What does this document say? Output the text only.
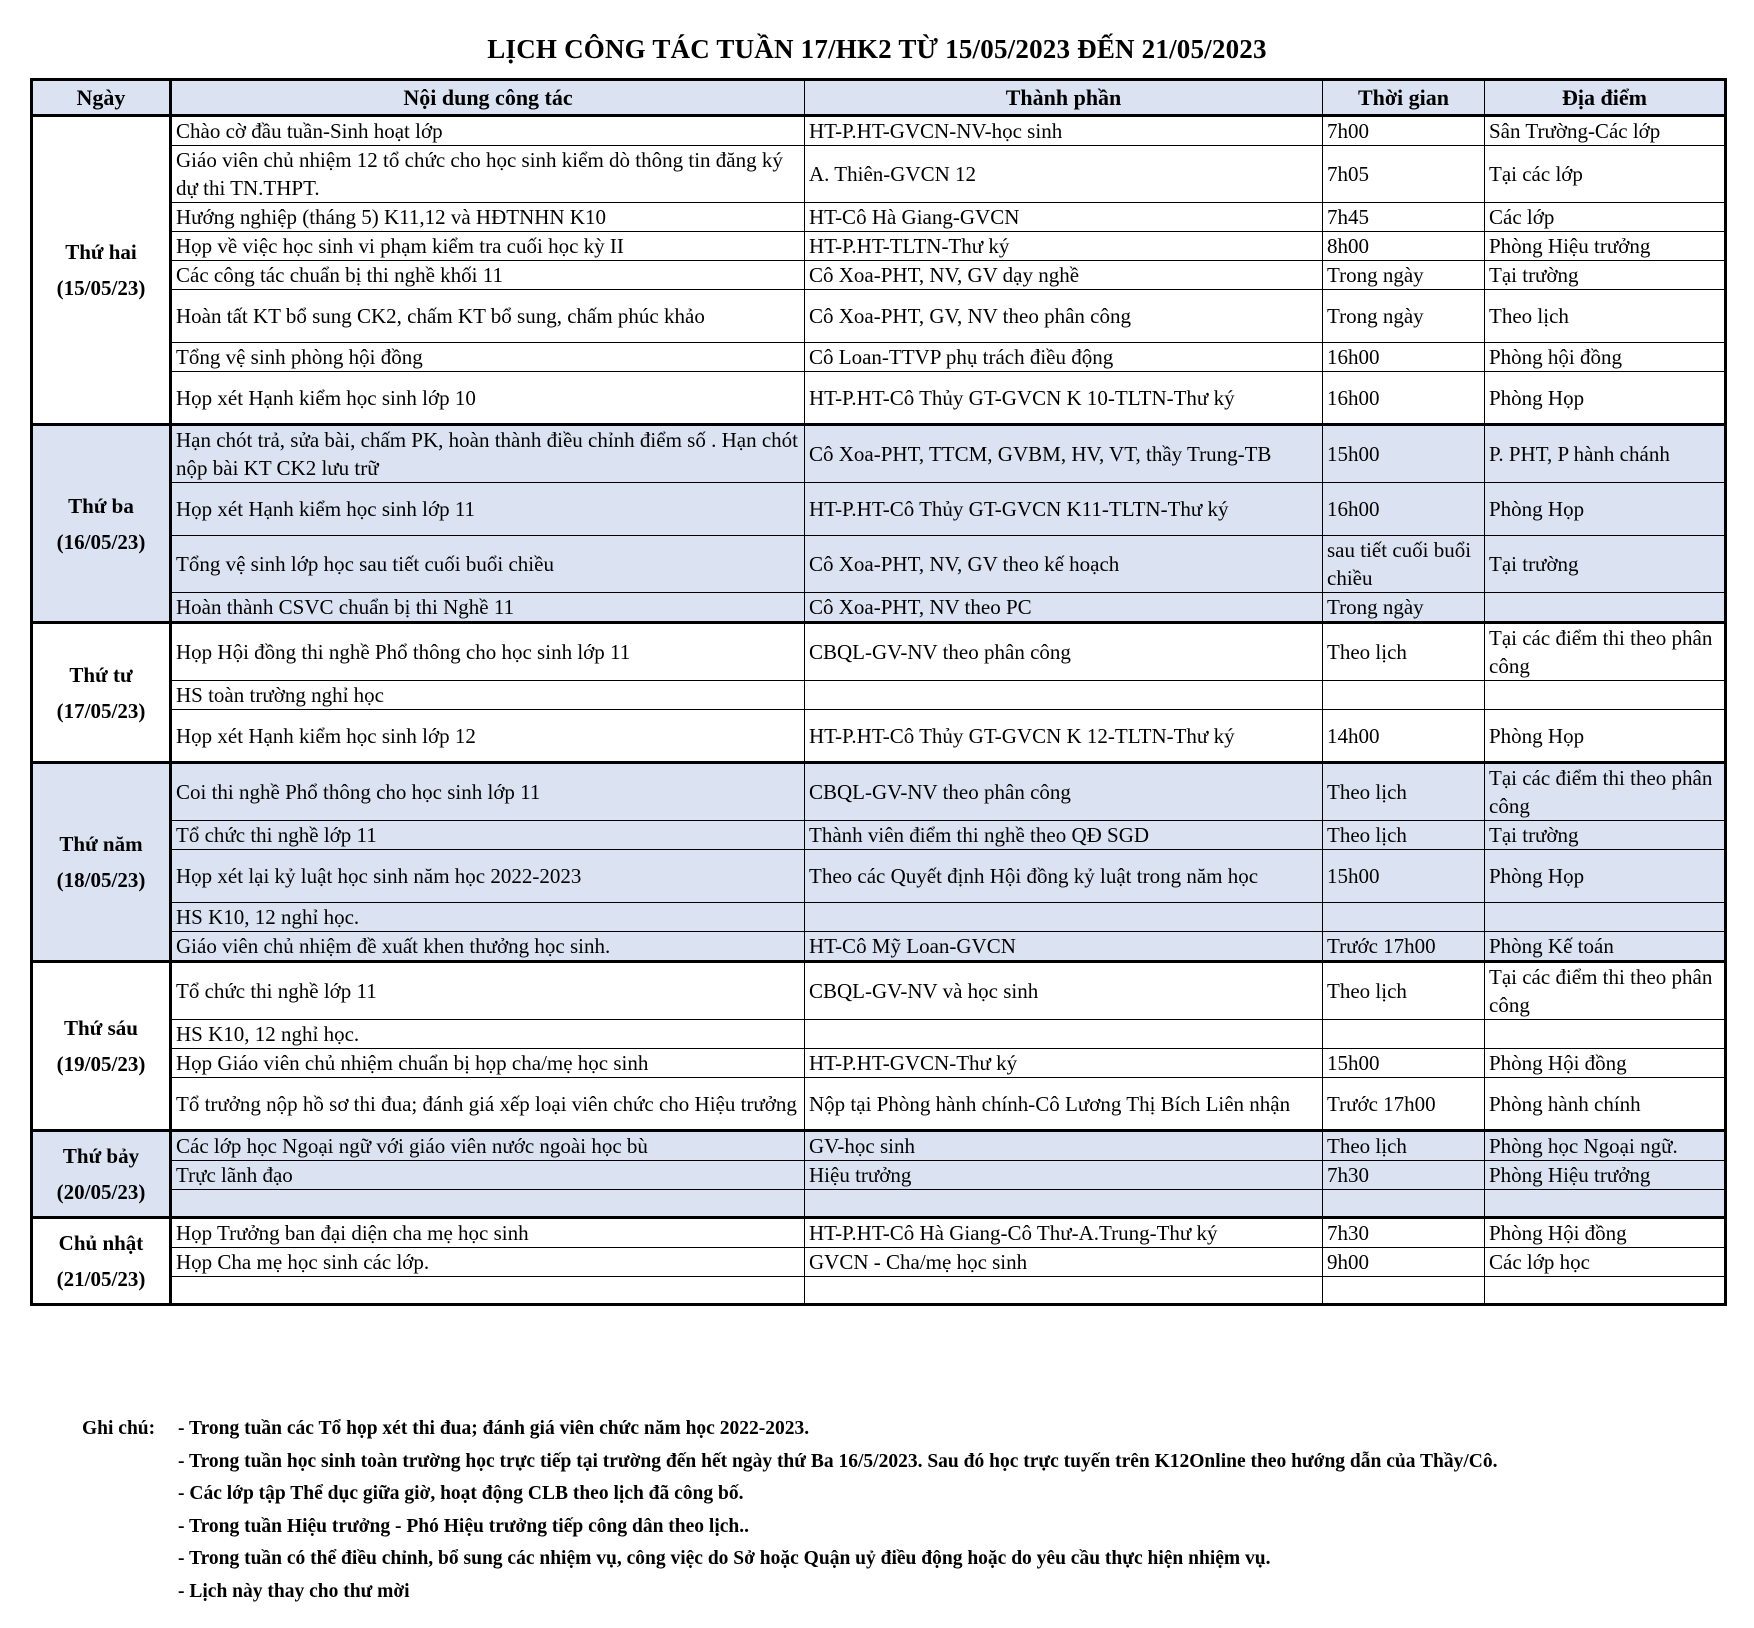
LỊCH CÔNG TÁC TUẦN 17/HK2 TỪ 15/05/2023 ĐẾN 21/05/2023
Ngày	Nội dung công tác	Thành phần	Thời gian	Địa điểm

Thứ hai
(15/05/23)	Chào cờ đầu tuần-Sinh hoạt lớp	HT-P.HT-GVCN-NV-học sinh	7h00	Sân Trường-Các lớp
	Giáo viên chủ nhiệm 12 tổ chức cho học sinh kiểm dò thông tin đăng ký dự thi TN.THPT.	A. Thiên-GVCN 12	7h05	Tại các lớp
	Hướng nghiệp (tháng 5) K11,12 và HĐTNHN K10	HT-Cô Hà Giang-GVCN	7h45	Các lớp
	Họp về việc học sinh vi phạm kiểm tra cuối học kỳ II	HT-P.HT-TLTN-Thư ký	8h00	Phòng Hiệu trưởng
	Các công tác chuẩn bị thi nghề khối 11	Cô Xoa-PHT, NV, GV dạy nghề	Trong ngày	Tại trường
	Hoàn tất KT bổ sung CK2, chấm KT bổ sung, chấm phúc khảo	Cô Xoa-PHT, GV, NV theo phân công	Trong ngày	Theo lịch
	Tổng vệ sinh phòng hội đồng	Cô Loan-TTVP phụ trách điều động	16h00	Phòng hội đồng
	Họp xét Hạnh kiểm học sinh lớp 10	HT-P.HT-Cô Thủy GT-GVCN K 10-TLTN-Thư ký	16h00	Phòng Họp

Thứ ba
(16/05/23)	Hạn chót trả, sửa bài, chấm PK, hoàn thành điều chỉnh điểm số . Hạn chót nộp bài KT CK2 lưu trữ	Cô Xoa-PHT, TTCM, GVBM, HV, VT, thầy Trung-TB	15h00	P. PHT, P hành chánh
	Họp xét Hạnh kiểm học sinh lớp 11	HT-P.HT-Cô Thủy GT-GVCN K11-TLTN-Thư ký	16h00	Phòng Họp
	Tổng vệ sinh lớp học sau tiết cuối buổi chiều	Cô Xoa-PHT, NV, GV theo kế hoạch	sau tiết cuối buổi chiều	Tại trường
	Hoàn thành CSVC chuẩn bị thi Nghề 11	Cô Xoa-PHT, NV theo PC	Trong ngày	

Thứ tư
(17/05/23)	Họp Hội đồng thi nghề Phổ thông cho học sinh lớp 11	CBQL-GV-NV theo phân công	Theo lịch	Tại các điểm thi theo phân công
	HS toàn trường nghỉ học			
	Họp xét Hạnh kiểm học sinh lớp 12	HT-P.HT-Cô Thủy GT-GVCN K 12-TLTN-Thư ký	14h00	Phòng Họp

Thứ năm
(18/05/23)	Coi thi nghề Phổ thông cho học sinh lớp 11	CBQL-GV-NV theo phân công	Theo lịch	Tại các điểm thi theo phân công
	Tổ chức thi nghề lớp 11	Thành viên điểm thi nghề theo QĐ SGD	Theo lịch	Tại trường
	Họp xét lại kỷ luật học sinh năm học 2022-2023	Theo các Quyết định Hội đồng kỷ luật trong năm học	15h00	Phòng Họp
	HS K10, 12 nghỉ học.			
	Giáo viên chủ nhiệm đề xuất khen thưởng học sinh.	HT-Cô Mỹ Loan-GVCN	Trước 17h00	Phòng Kế toán

Thứ sáu
(19/05/23)	Tổ chức thi nghề lớp 11	CBQL-GV-NV và học sinh	Theo lịch	Tại các điểm thi theo phân công
	HS K10, 12 nghỉ học.			
	Họp Giáo viên chủ nhiệm chuẩn bị họp cha/mẹ học sinh	HT-P.HT-GVCN-Thư ký	15h00	Phòng Hội đồng
	Tổ trưởng nộp hồ sơ thi đua; đánh giá xếp loại viên chức cho Hiệu trưởng	Nộp tại Phòng hành chính-Cô Lương Thị Bích Liên nhận	Trước 17h00	Phòng hành chính

Thứ bảy
(20/05/23)	Các lớp học Ngoại ngữ với giáo viên nước ngoài học bù	GV-học sinh	Theo lịch	Phòng học Ngoại ngữ.
	Trực lãnh đạo	Hiệu trưởng	7h30	Phòng Hiệu trưởng

Chủ nhật
(21/05/23)	Họp Trưởng ban đại diện cha mẹ học sinh	HT-P.HT-Cô Hà Giang-Cô Thư-A.Trung-Thư ký	7h30	Phòng Hội đồng
	Họp Cha mẹ học sinh các lớp.	GVCN - Cha/mẹ học sinh	9h00	Các lớp học

Ghi chú:	- Trong tuần các Tổ họp xét thi đua; đánh giá viên chức năm học 2022-2023.
- Trong tuần học sinh toàn trường học trực tiếp tại trường đến hết ngày thứ Ba 16/5/2023. Sau đó học trực tuyến trên K12Online theo hướng dẫn của Thầy/Cô.
- Các lớp tập Thể dục giữa giờ, hoạt động CLB theo lịch đã công bố.
- Trong tuần Hiệu trưởng - Phó Hiệu trưởng tiếp công dân theo lịch..
- Trong tuần có thể điều chỉnh, bổ sung các nhiệm vụ, công việc do Sở hoặc Quận uỷ điều động hoặc do yêu cầu thực hiện nhiệm vụ.
- Lịch này thay cho thư mời
